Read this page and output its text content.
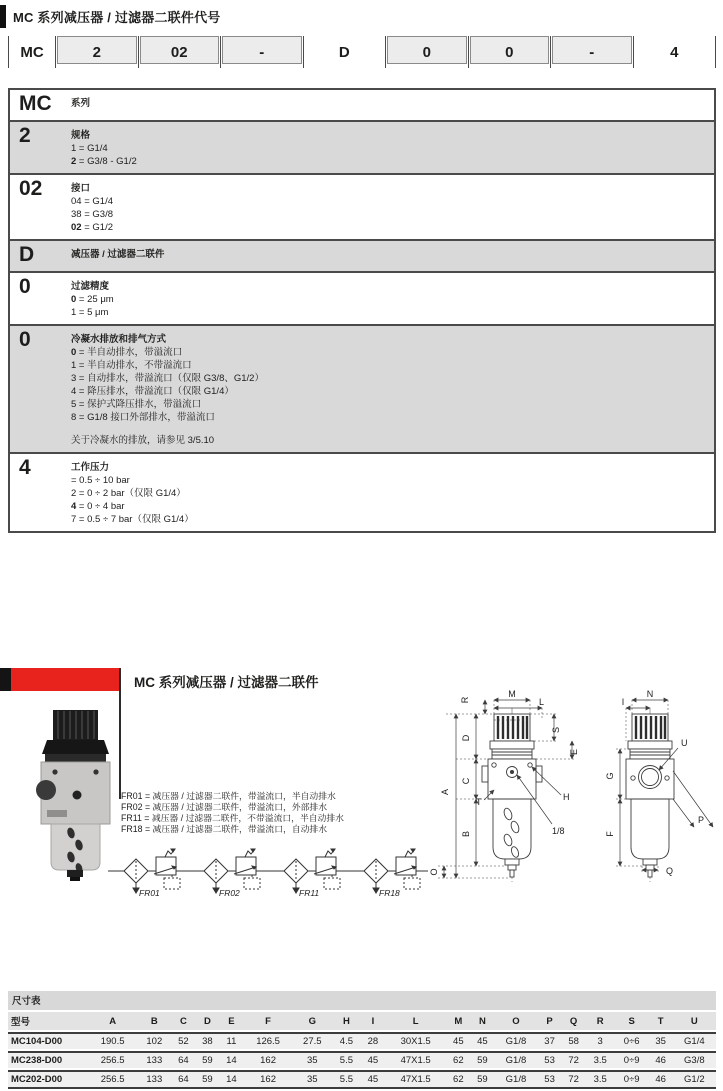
MC 系列减压器 / 过滤器二联件代号
MC	2	02	-	D	0	0	-	4
MC	系列
2	规格
1 = G1/4
2 = G3/8 - G1/2
02	接口
04 = G1/4
38 = G3/8
02 = G1/2
D	减压器 / 过滤器二联件
0	过滤精度
0 = 25 μm
1 = 5 μm
0	冷凝水排放和排气方式
0 = 半自动排水，带溢流口
1 = 半自动排水，不带溢流口
3 = 自动排水，带溢流口（仅限 G3/8、G1/2）
4 = 降压排水，带溢流口（仅限 G1/4）
5 = 保护式降压排水，带溢流口
8 = G1/8 接口外部排水，带溢流口
关于冷凝水的排放，请参见 3/5.10
4	工作压力
= 0.5 ÷ 10 bar
2 = 0 ÷ 2 bar（仅限 G1/4）
4 = 0 ÷ 4 bar
7 = 0.5 ÷ 7 bar（仅限 G1/4）
MC 系列减压器 / 过滤器二联件
FR01 = 减压器 / 过滤器二联件，带溢流口，半自动排水
FR02 = 减压器 / 过滤器二联件，带溢流口，外部排水
FR11 = 减压器 / 过滤器二联件，不带溢流口，半自动排水
FR18 = 减压器 / 过滤器二联件，带溢流口，自动排水
FR01	FR02	FR11	FR18
R
M
L
D
C
B
A
O
S
E
T	H
1/8
I
N
G
U
F
P
Q
尺寸表
型号	A	B	C	D	E	F	G	H	I	L	M	N	O	P	Q	R	S	T	U
MC104-D00	190.5	102	52	38	11	126.5	27.5	4.5	28	30X1.5	45	45	G1/8	37	58	3	0÷6	35	G1/4
MC238-D00	256.5	133	64	59	14	162	35	5.5	45	47X1.5	62	59	G1/8	53	72	3.5	0÷9	46	G3/8
MC202-D00	256.5	133	64	59	14	162	35	5.5	45	47X1.5	62	59	G1/8	53	72	3.5	0÷9	46	G1/2
